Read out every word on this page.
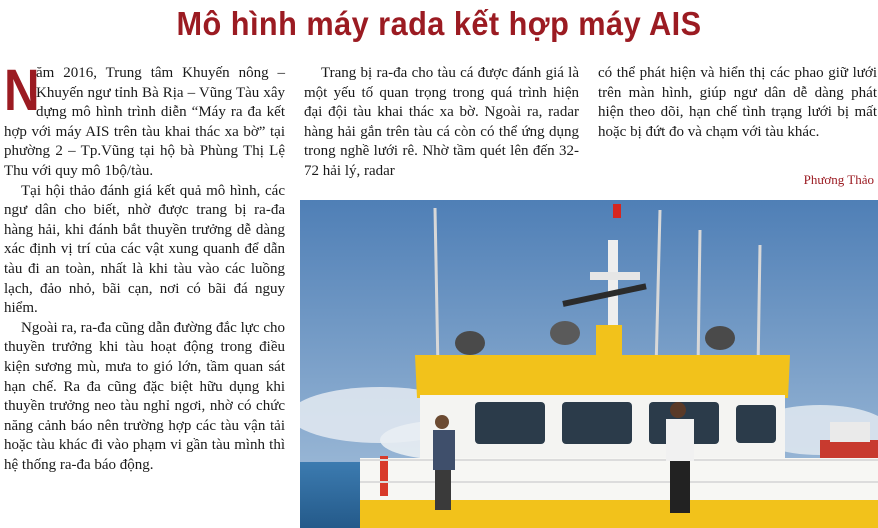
Mô hình máy rada kết hợp máy AIS

N
ăm 2016, Trung tâm Khuyến nông – Khuyến ngư tỉnh Bà Rịa – Vũng Tàu xây dựng mô hình trình diễn “Máy ra đa kết hợp với máy AIS trên tàu khai thác xa bờ” tại phường 2 – Tp.Vũng tại hộ bà Phùng Thị Lệ Thu với quy mô 1bộ/tàu.

Tại hội thảo đánh giá kết quả mô hình, các ngư dân cho biết, nhờ được trang bị ra-đa hàng hải, khi đánh bắt thuyền trưởng dễ dàng xác định vị trí của các vật xung quanh để dẫn tàu đi an toàn, nhất là khi tàu vào các luồng lạch, đảo nhỏ, bãi cạn, nơi có bãi đá nguy hiểm.

Ngoài ra, ra-đa cũng dẫn đường đắc lực cho thuyền trưởng khi tàu hoạt động trong điều kiện sương mù, mưa to gió lớn, tầm quan sát hạn chế. Ra đa cũng đặc biệt hữu dụng khi thuyền trưởng neo tàu nghỉ ngơi, nhờ có chức năng cảnh báo nên trường hợp các tàu vận tải hoặc tàu khác đi vào phạm vi gần tàu mình thì hệ thống ra-đa báo động.

Trang bị ra-đa cho tàu cá được đánh giá là một yếu tố quan trọng trong quá trình hiện đại đội tàu khai thác xa bờ. Ngoài ra, radar hàng hải gắn trên tàu cá còn có thể ứng dụng trong nghề lưới rê. Nhờ tầm quét lên đến 32-72 hải lý, radar

có thể phát hiện và hiển thị các phao giữ lưới trên màn hình, giúp ngư dân dễ dàng phát hiện theo dõi, hạn chế tình trạng lưới bị mất hoặc bị đứt đo và chạm với tàu khác.

Phương Thảo
